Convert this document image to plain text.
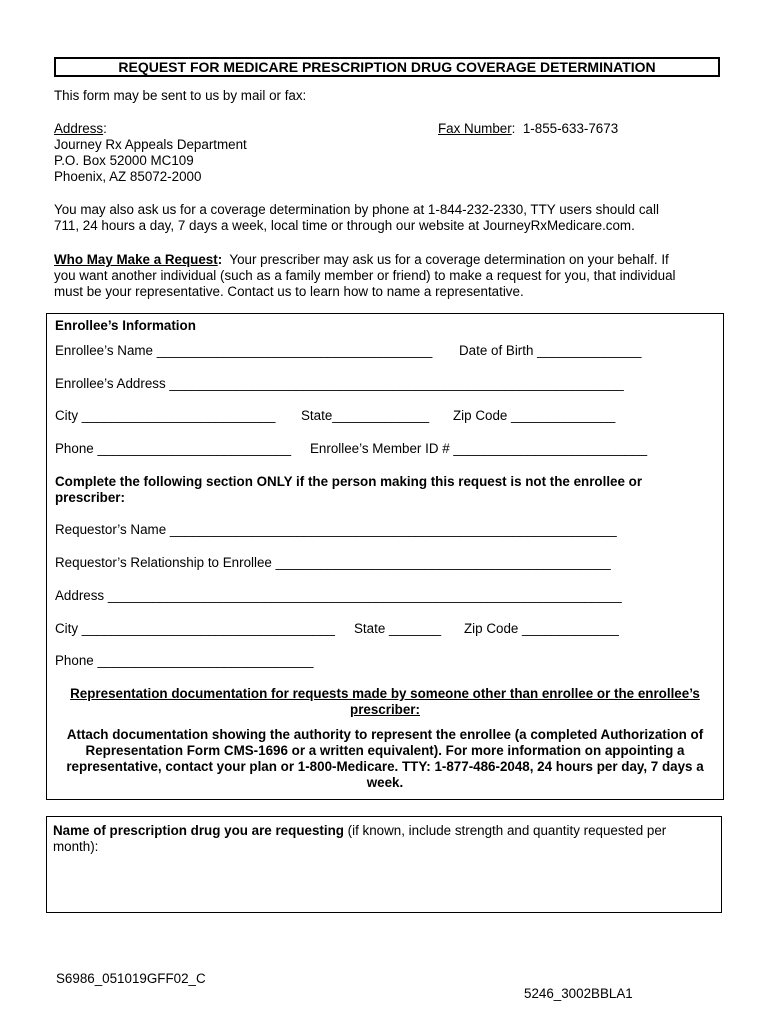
REQUEST FOR MEDICARE PRESCRIPTION DRUG COVERAGE DETERMINATION
This form may be sent to us by mail or fax:
Address:
Journey Rx Appeals Department
P.O. Box 52000 MC109
Phoenix, AZ 85072-2000
Fax Number:  1-855-633-7673
You may also ask us for a coverage determination by phone at 1-844-232-2330, TTY users should call
711, 24 hours a day, 7 days a week, local time or through our website at JourneyRxMedicare.com.
Who May Make a Request: Your prescriber may ask us for a coverage determination on your behalf. If
you want another individual (such as a family member or friend) to make a request for you, that individual
must be your representative. Contact us to learn how to name a representative.
Enrollee’s Information
Enrollee’s Name _____________________________________ Date of Birth ______________
Enrollee’s Address _____________________________________________________________
City __________________________ State_____________ Zip Code ______________
Phone __________________________ Enrollee’s Member ID # __________________________
Complete the following section ONLY if the person making this request is not the enrollee or
prescriber:
Requestor’s Name ____________________________________________________________
Requestor’s Relationship to Enrollee _____________________________________________
Address _____________________________________________________________________
City __________________________________ State _______ Zip Code _____________
Phone _____________________________
Representation documentation for requests made by someone other than enrollee or the enrollee’s
prescriber:
Attach documentation showing the authority to represent the enrollee (a completed Authorization of
Representation Form CMS-1696 or a written equivalent). For more information on appointing a
representative, contact your plan or 1-800-Medicare. TTY: 1-877-486-2048, 24 hours per day, 7 days a
week.
Name of prescription drug you are requesting (if known, include strength and quantity requested per
month):
S6986_051019GFF02_C
5246_3002BBLA1
